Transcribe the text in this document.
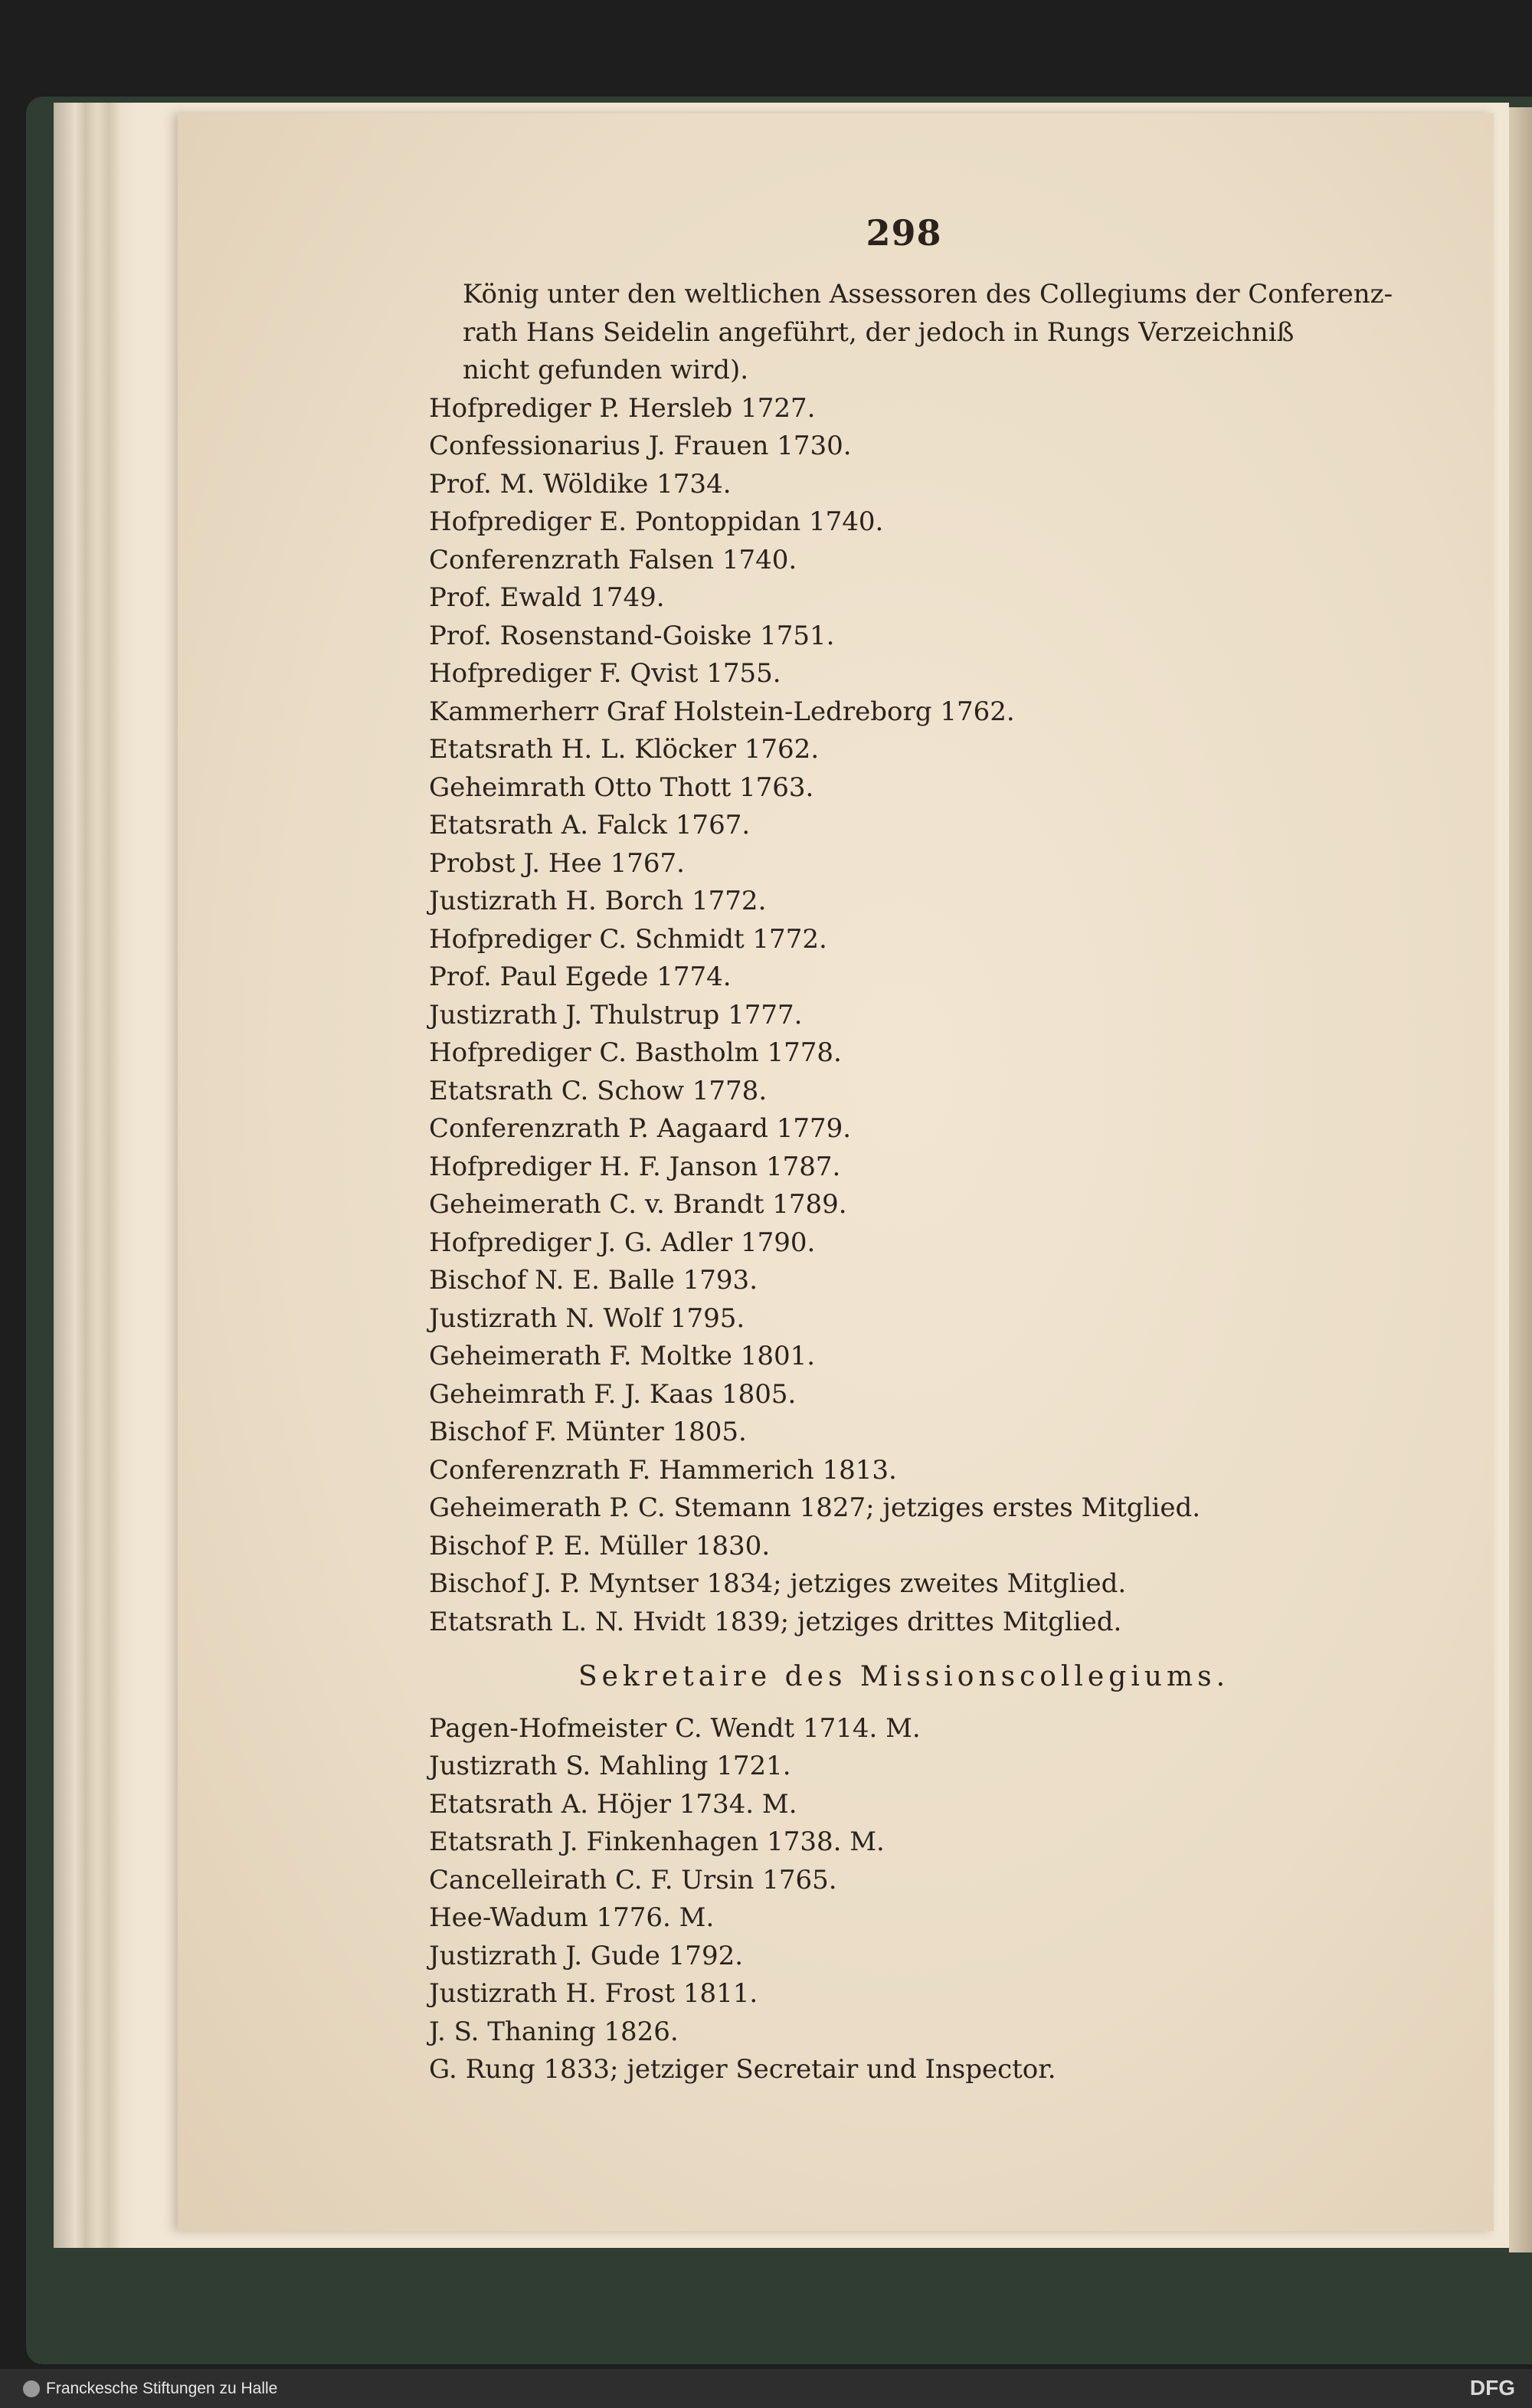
298
König unter den weltlichen Assessoren des Collegiums der Conferenz-
rath Hans Seidelin angeführt, der jedoch in Rungs Verzeichniß
nicht gefunden wird).
Hofprediger P. Hersleb 1727.
Confessionarius J. Frauen 1730.
Prof. M. Wöldike 1734.
Hofprediger E. Pontoppidan 1740.
Conferenzrath Falsen 1740.
Prof. Ewald 1749.
Prof. Rosenstand-Goiske 1751.
Hofprediger F. Qvist 1755.
Kammerherr Graf Holstein-Ledreborg 1762.
Etatsrath H. L. Klöcker 1762.
Geheimrath Otto Thott 1763.
Etatsrath A. Falck 1767.
Probst J. Hee 1767.
Justizrath H. Borch 1772.
Hofprediger C. Schmidt 1772.
Prof. Paul Egede 1774.
Justizrath J. Thulstrup 1777.
Hofprediger C. Bastholm 1778.
Etatsrath C. Schow 1778.
Conferenzrath P. Aagaard 1779.
Hofprediger H. F. Janson 1787.
Geheimerath C. v. Brandt 1789.
Hofprediger J. G. Adler 1790.
Bischof N. E. Balle 1793.
Justizrath N. Wolf 1795.
Geheimerath F. Moltke 1801.
Geheimrath F. J. Kaas 1805.
Bischof F. Münter 1805.
Conferenzrath F. Hammerich 1813.
Geheimerath P. C. Stemann 1827; jetziges erstes Mitglied.
Bischof P. E. Müller 1830.
Bischof J. P. Myntser 1834; jetziges zweites Mitglied.
Etatsrath L. N. Hvidt 1839; jetziges drittes Mitglied.
Sekretaire des Missionscollegiums.
Pagen-Hofmeister C. Wendt 1714. M.
Justizrath S. Mahling 1721.
Etatsrath A. Höjer 1734. M.
Etatsrath J. Finkenhagen 1738. M.
Cancelleirath C. F. Ursin 1765.
Hee-Wadum 1776. M.
Justizrath J. Gude 1792.
Justizrath H. Frost 1811.
J. S. Thaning 1826.
G. Rung 1833; jetziger Secretair und Inspector.
Franckesche Stiftungen zu Halle	DFG
